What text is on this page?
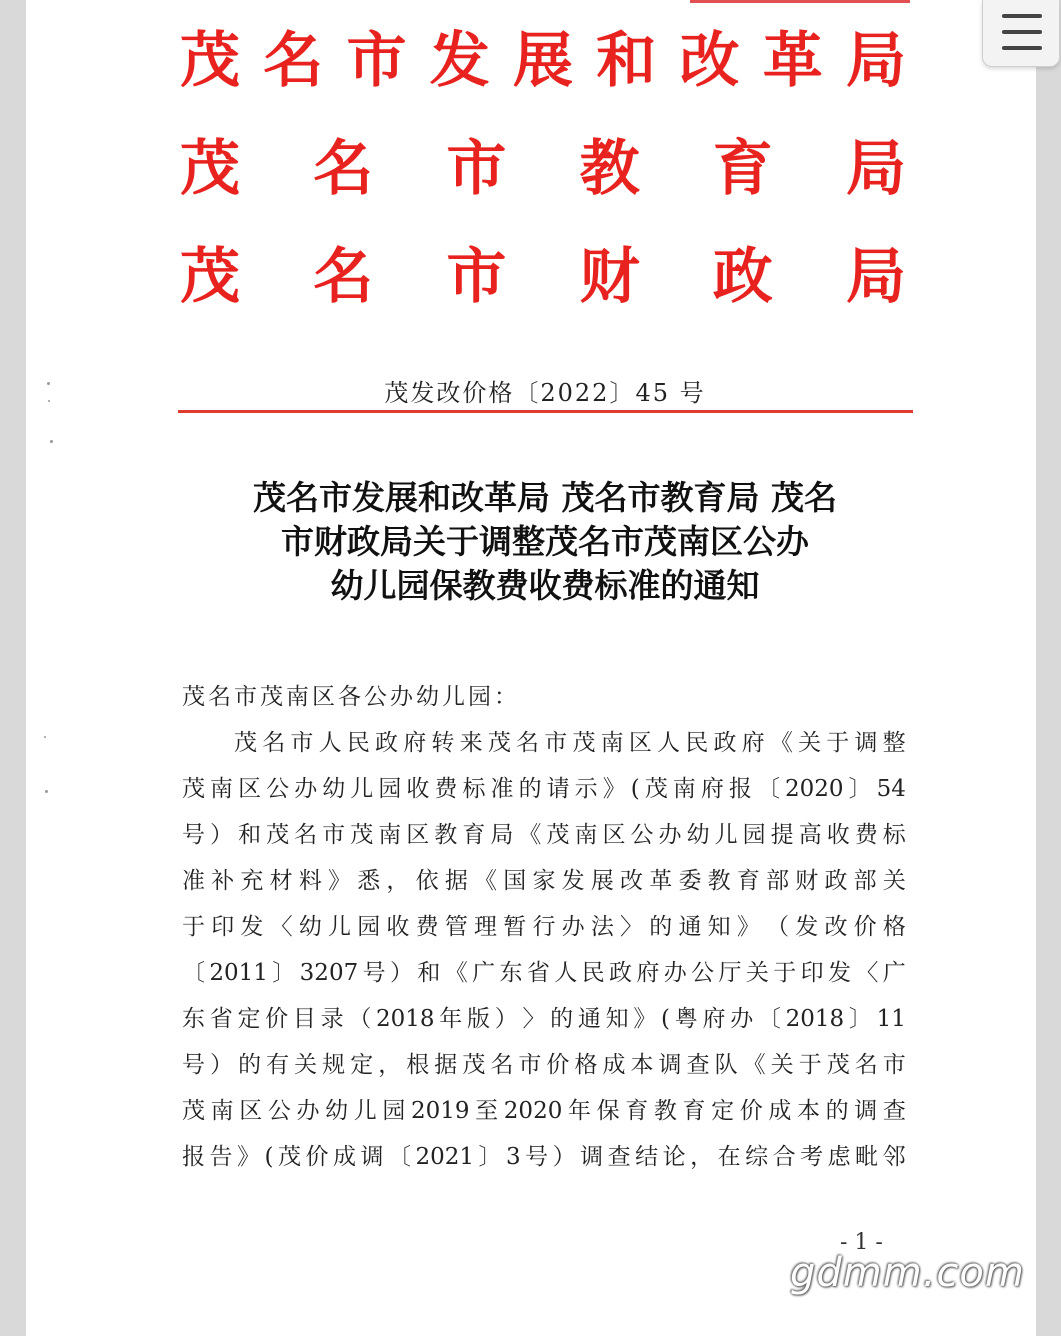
茂 名 市 发 展 和 改 革 局
茂 名 市 教 育 局
茂 名 市 财 政 局
茂发改价格〔2022〕45 号
茂名市发展和改革局 茂名市教育局 茂名
市财政局关于调整茂名市茂南区公办
幼儿园保教费收费标准的通知
茂名市茂南区各公办幼儿园：
茂 名 市 人 民 政 府 转 来 茂 名 市 茂 南 区 人 民 政 府 《 关 于 调 整
茂 南 区 公 办 幼 儿 园 收 费 标 准 的 请 示 》 ( 茂 南 府 报 〔 2020 〕 54
号 ） 和 茂 名 市 茂 南 区 教 育 局 《 茂 南 区 公 办 幼 儿 园 提 高 收 费 标
准 补 充 材 料 》 悉 ， 依 据 《 国 家 发 展 改 革 委 教 育 部 财 政 部 关
于 印 发 〈 幼 儿 园 收 费 管 理 暂 行 办 法 〉 的 通 知 》 （ 发 改 价 格
〔 2011 〕 3207 号 ） 和 《 广 东 省 人 民 政 府 办 公 厅 关 于 印 发 〈 广
东 省 定 价 目 录 （ 2018 年 版 ） 〉 的 通 知 》 ( 粤 府 办 〔 2018 〕 11
号 ） 的 有 关 规 定 ， 根 据 茂 名 市 价 格 成 本 调 查 队 《 关 于 茂 名 市
茂 南 区 公 办 幼 儿 园 2019 至 2020 年 保 育 教 育 定 价 成 本 的 调 查
报 告 》 ( 茂 价 成 调 〔 2021 〕 3 号 ） 调 查 结 论 ， 在 综 合 考 虑 毗 邻
- 1 -
gdmm.com
